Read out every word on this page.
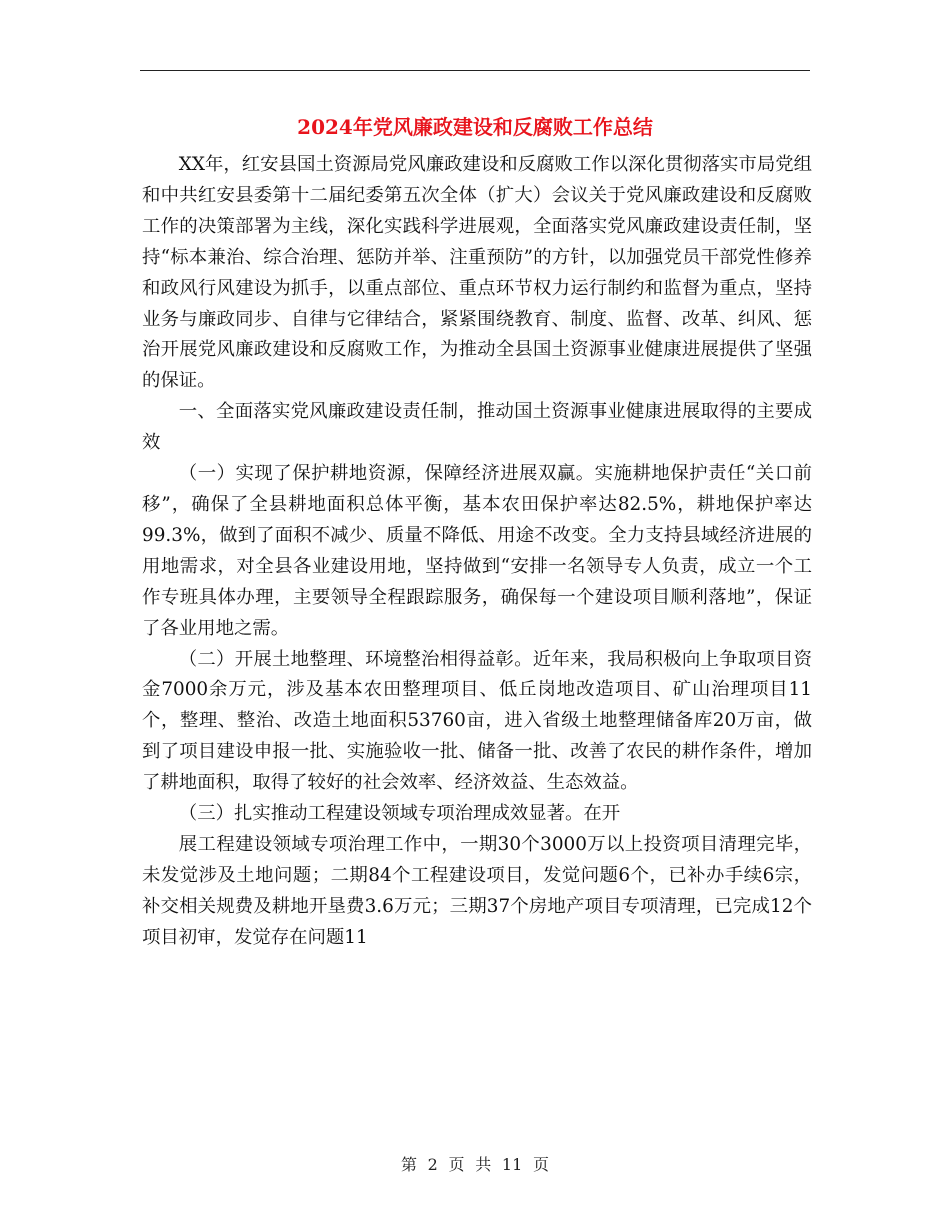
2024年党风廉政建设和反腐败工作总结

XX年，红安县国土资源局党风廉政建设和反腐败工作以深化贯彻落实市局党组和中共红安县委第十二届纪委第五次全体（扩大）会议关于党风廉政建设和反腐败工作的决策部署为主线，深化实践科学进展观，全面落实党风廉政建设责任制，坚持“标本兼治、综合治理、惩防并举、注重预防”的方针，以加强党员干部党性修养和政风行风建设为抓手，以重点部位、重点环节权力运行制约和监督为重点，坚持业务与廉政同步、自律与它律结合，紧紧围绕教育、制度、监督、改革、纠风、惩治开展党风廉政建设和反腐败工作，为推动全县国土资源事业健康进展提供了坚强的保证。

一、全面落实党风廉政建设责任制，推动国土资源事业健康进展取得的主要成效

（一）实现了保护耕地资源，保障经济进展双赢。实施耕地保护责任“关口前移”，确保了全县耕地面积总体平衡，基本农田保护率达82.5%，耕地保护率达99.3%，做到了面积不减少、质量不降低、用途不改变。全力支持县域经济进展的用地需求，对全县各业建设用地，坚持做到“安排一名领导专人负责，成立一个工作专班具体办理，主要领导全程跟踪服务，确保每一个建设项目顺利落地”，保证了各业用地之需。

（二）开展土地整理、环境整治相得益彰。近年来，我局积极向上争取项目资金7000余万元，涉及基本农田整理项目、低丘岗地改造项目、矿山治理项目11个，整理、整治、改造土地面积53760亩，进入省级土地整理储备库20万亩，做到了项目建设申报一批、实施验收一批、储备一批、改善了农民的耕作条件，增加了耕地面积，取得了较好的社会效率、经济效益、生态效益。

（三）扎实推动工程建设领域专项治理成效显著。在开

展工程建设领域专项治理工作中，一期30个3000万以上投资项目清理完毕，未发觉涉及土地问题；二期84个工程建设项目，发觉问题6个，已补办手续6宗，补交相关规费及耕地开垦费3.6万元；三期37个房地产项目专项清理，已完成12个项目初审，发觉存在问题11

第 2 页 共 11 页
